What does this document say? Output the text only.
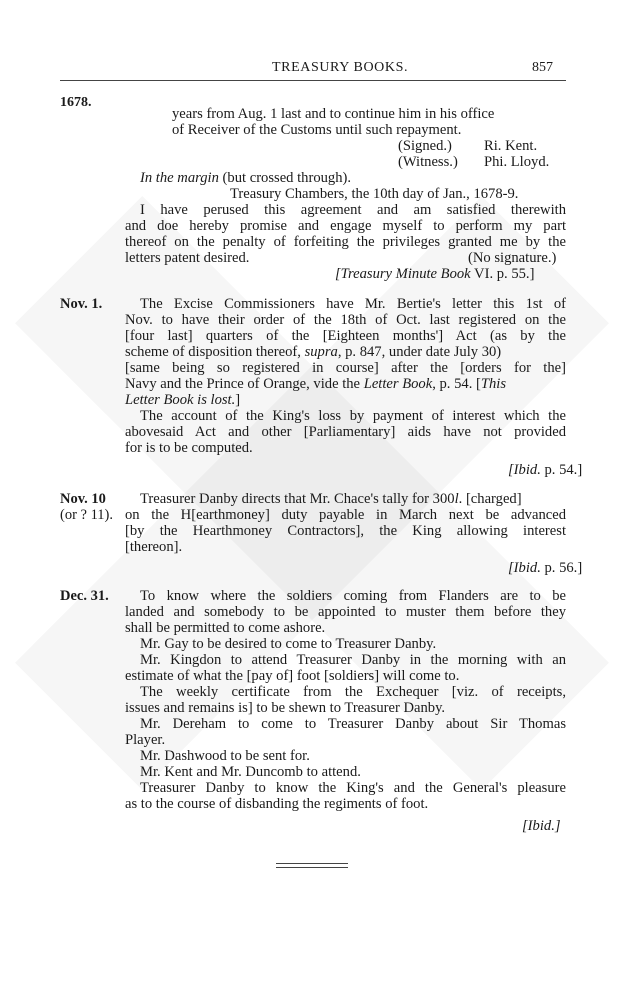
TREASURY BOOKS.	857
1678.
years from Aug. 1 last and to continue him in his office
of Receiver of the Customs until such repayment.
(Signed.) Ri. Kent.
(Witness.) Phi. Lloyd.
In the margin (but crossed through).
Treasury Chambers, the 10th day of Jan., 1678-9.
I have perused this agreement and am satisfied therewith
and doe hereby promise and engage myself to perform my part
thereof on the penalty of forfeiting the privileges granted me by the
letters patent desired.	(No signature.)
[Treasury Minute Book VI. p. 55.]
Nov. 1.	The Excise Commissioners have Mr. Bertie's letter this 1st of
Nov. to have their order of the 18th of Oct. last registered on the
[four last] quarters of the [Eighteen months'] Act (as by the
scheme of disposition thereof, supra, p. 847, under date July 30)
[same being so registered in course] after the [orders for the]
Navy and the Prince of Orange, vide the Letter Book, p. 54. [This
Letter Book is lost.]
The account of the King's loss by payment of interest which the
abovesaid Act and other [Parliamentary] aids have not provided
for is to be computed.
[Ibid. p. 54.]
Nov. 10
(or ? 11).
Treasurer Danby directs that Mr. Chace's tally for 300l. [charged]
on the H[earthmoney] duty payable in March next be advanced
[by the Hearthmoney Contractors], the King allowing interest
[thereon].
[Ibid. p. 56.]
Dec. 31. To know where the soldiers coming from Flanders are to be
landed and somebody to be appointed to muster them before they
shall be permitted to come ashore.
Mr. Gay to be desired to come to Treasurer Danby.
Mr. Kingdon to attend Treasurer Danby in the morning with an
estimate of what the [pay of] foot [soldiers] will come to.
The weekly certificate from the Exchequer [viz. of receipts,
issues and remains is] to be shewn to Treasurer Danby.
Mr. Dereham to come to Treasurer Danby about Sir Thomas
Player.
Mr. Dashwood to be sent for.
Mr. Kent and Mr. Duncomb to attend.
Treasurer Danby to know the King's and the General's pleasure
as to the course of disbanding the regiments of foot.
[Ibid.]
